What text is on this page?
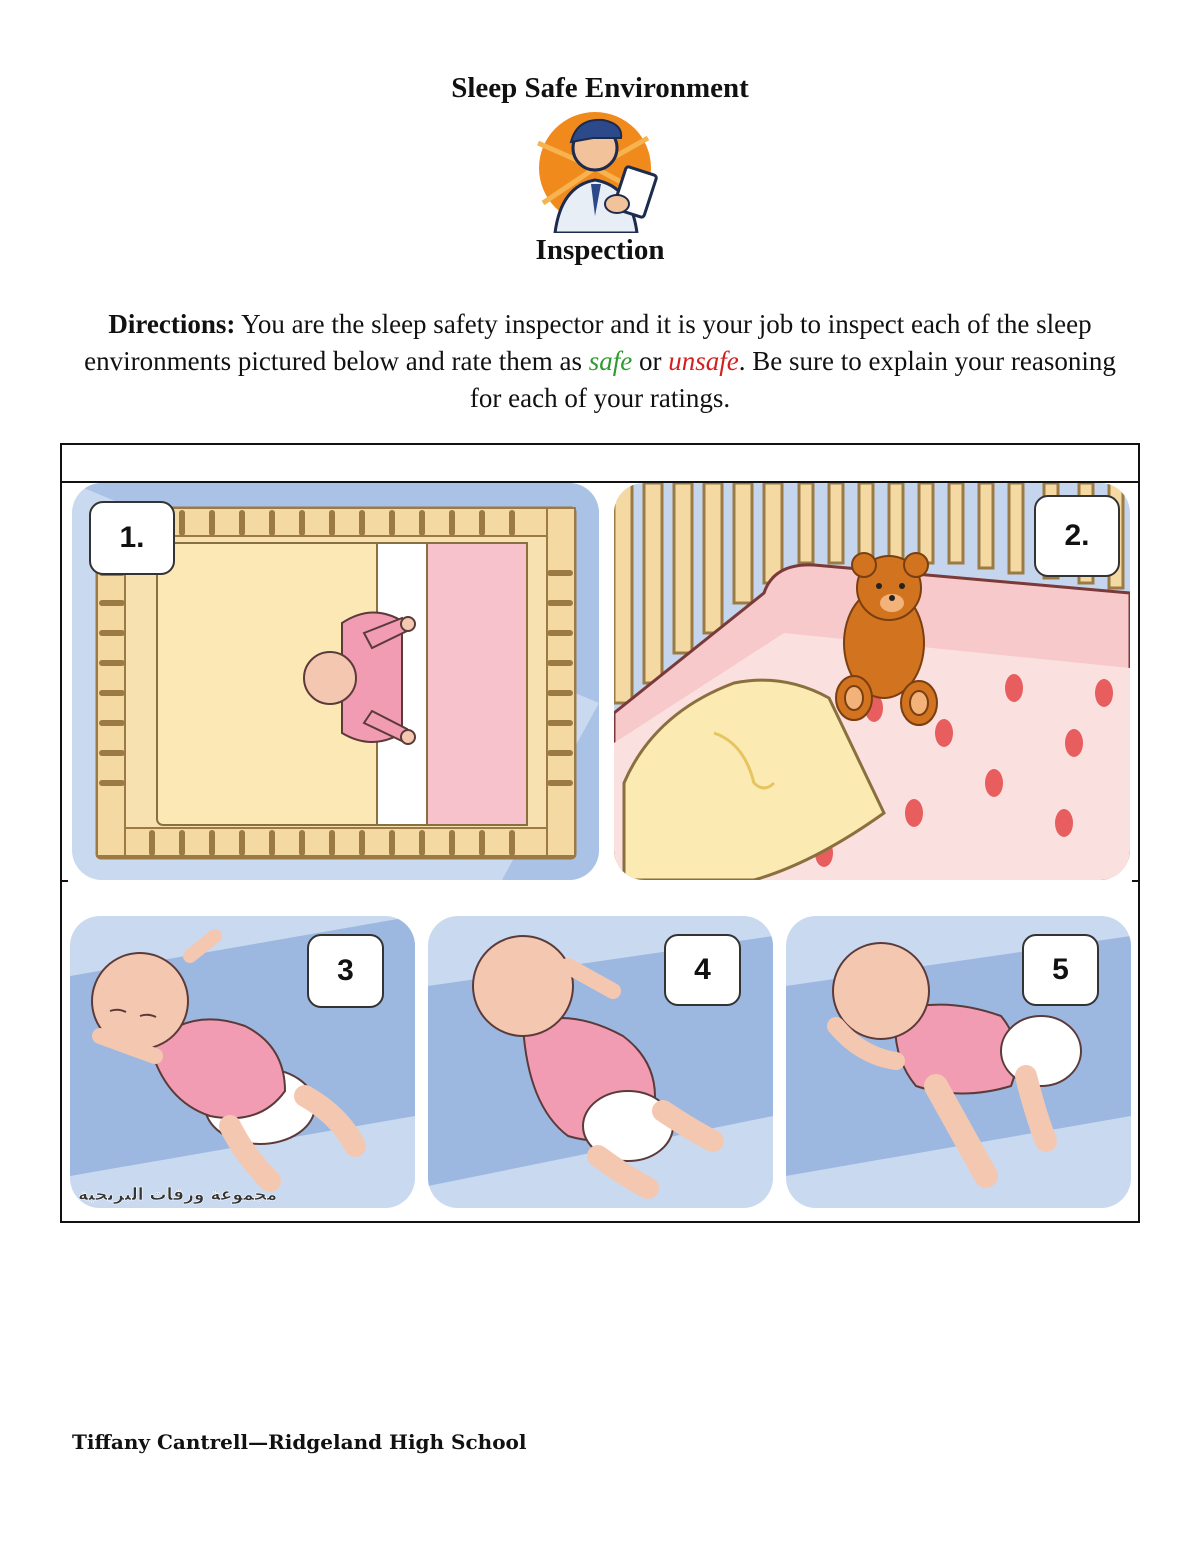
Sleep Safe Environment
Inspection
Directions: You are the sleep safety inspector and it is your job to inspect each of the sleep environments pictured below and rate them as safe or unsafe. Be sure to explain your reasoning for each of your ratings.
1.	2.
مجموعة ورقات البريحية
3	4	5
Tiffany Cantrell—Ridgeland High School
